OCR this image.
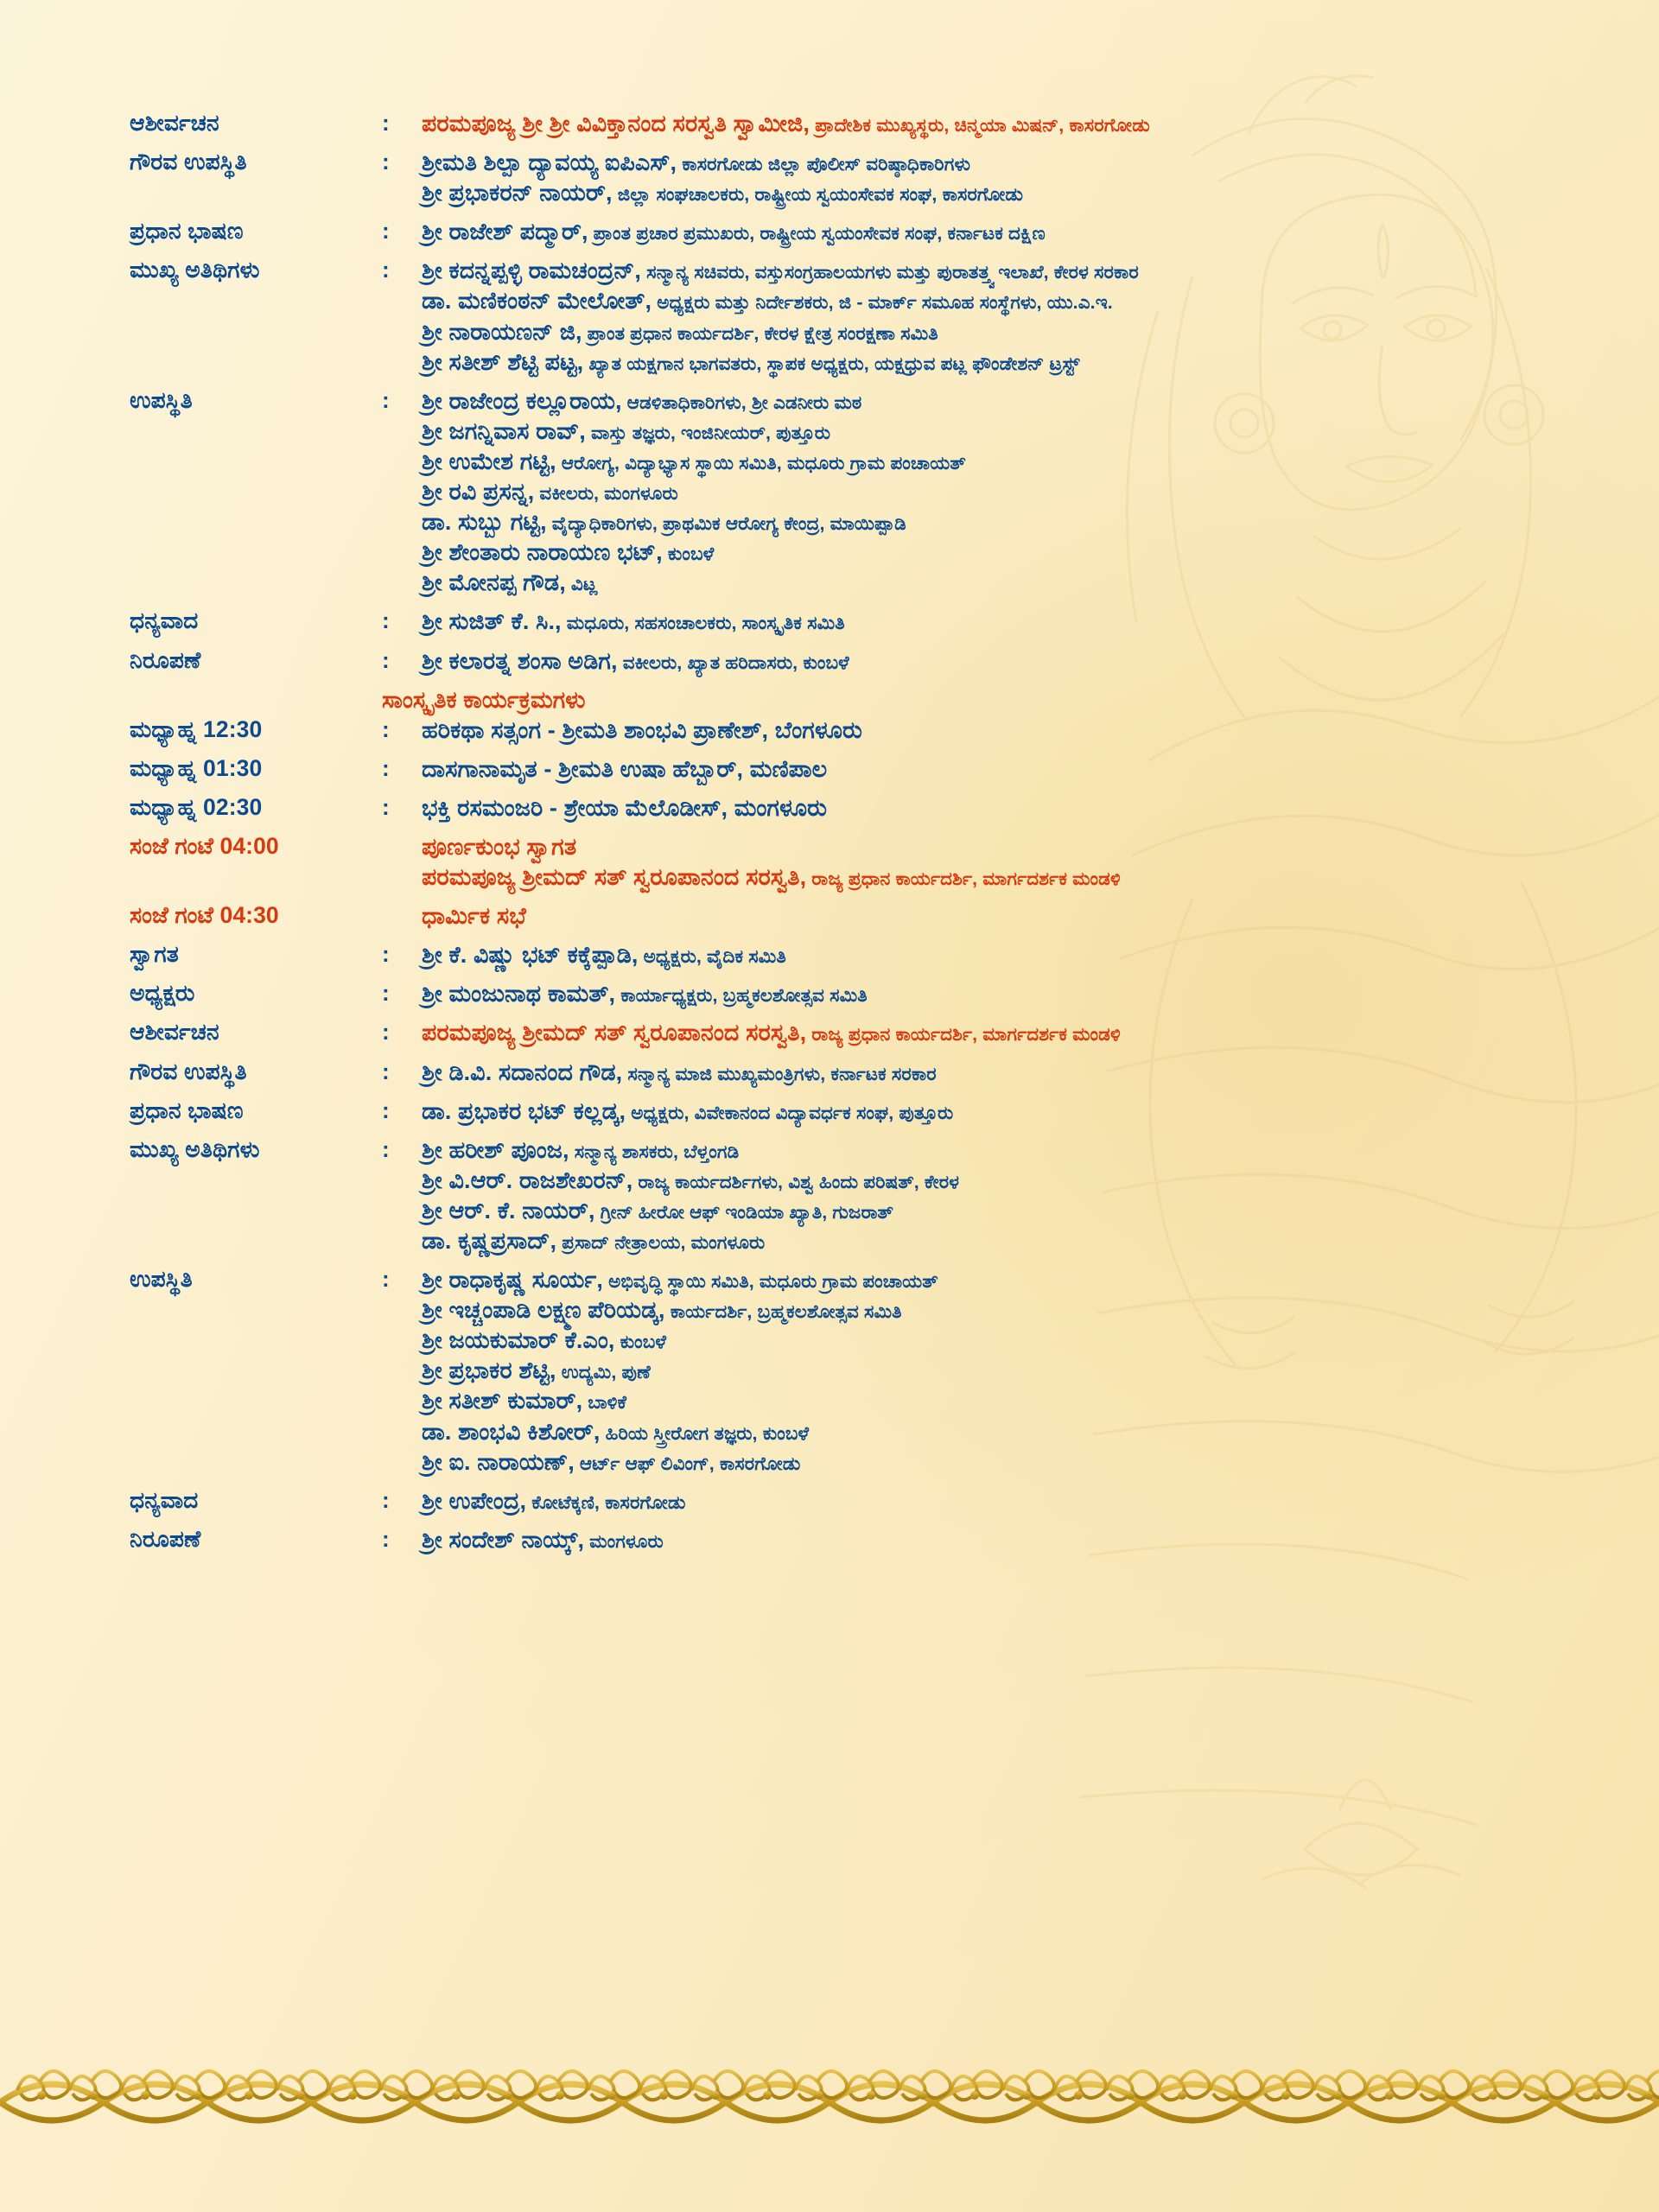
ಆಶೀರ್ವಚನ	:	ಪರಮಪೂಜ್ಯ ಶ್ರೀ ಶ್ರೀ ವಿವಿಕ್ತಾನಂದ ಸರಸ್ವತಿ ಸ್ವಾಮೀಜಿ, ಪ್ರಾದೇಶಿಕ ಮುಖ್ಯಸ್ಥರು, ಚಿನ್ಮಯಾ ಮಿಷನ್, ಕಾಸರಗೋಡು

ಗೌರವ ಉಪಸ್ಥಿತಿ	:	ಶ್ರೀಮತಿ ಶಿಲ್ಪಾ ದ್ಯಾವಯ್ಯ ಐಪಿಎಸ್, ಕಾಸರಗೋಡು ಜಿಲ್ಲಾ ಪೊಲೀಸ್ ವರಿಷ್ಠಾಧಿಕಾರಿಗಳು
ಶ್ರೀ ಪ್ರಭಾಕರನ್ ನಾಯರ್, ಜಿಲ್ಲಾ ಸಂಘಚಾಲಕರು, ರಾಷ್ಟ್ರೀಯ ಸ್ವಯಂಸೇವಕ ಸಂಘ, ಕಾಸರಗೋಡು

ಪ್ರಧಾನ ಭಾಷಣ	:	ಶ್ರೀ ರಾಜೇಶ್ ಪದ್ಮಾರ್, ಪ್ರಾಂತ ಪ್ರಚಾರ ಪ್ರಮುಖರು, ರಾಷ್ಟ್ರೀಯ ಸ್ವಯಂಸೇವಕ ಸಂಘ, ಕರ್ನಾಟಕ ದಕ್ಷಿಣ

ಮುಖ್ಯ ಅತಿಥಿಗಳು	:	ಶ್ರೀ ಕದನ್ನಪ್ಪಳ್ಳಿ ರಾಮಚಂದ್ರನ್, ಸನ್ಮಾನ್ಯ ಸಚಿವರು, ವಸ್ತುಸಂಗ್ರಹಾಲಯಗಳು ಮತ್ತು ಪುರಾತತ್ತ್ವ ಇಲಾಖೆ, ಕೇರಳ ಸರಕಾರ
ಡಾ. ಮಣಿಕಂಠನ್ ಮೇಲೋತ್, ಅಧ್ಯಕ್ಷರು ಮತ್ತು ನಿರ್ದೇಶಕರು, ಜಿ - ಮಾರ್ಕ್ ಸಮೂಹ ಸಂಸ್ಥೆಗಳು, ಯು.ಎ.ಇ.
ಶ್ರೀ ನಾರಾಯಣನ್ ಜಿ, ಪ್ರಾಂತ ಪ್ರಧಾನ ಕಾರ್ಯದರ್ಶಿ, ಕೇರಳ ಕ್ಷೇತ್ರ ಸಂರಕ್ಷಣಾ ಸಮಿತಿ
ಶ್ರೀ ಸತೀಶ್ ಶೆಟ್ಟಿ ಪಟ್ಟ, ಖ್ಯಾತ ಯಕ್ಷಗಾನ ಭಾಗವತರು, ಸ್ಥಾಪಕ ಅಧ್ಯಕ್ಷರು, ಯಕ್ಷಧ್ರುವ ಪಟ್ಲ ಫೌಂಡೇಶನ್ ಟ್ರಸ್ಟ್

ಉಪಸ್ಥಿತಿ	:	ಶ್ರೀ ರಾಜೇಂದ್ರ ಕಲ್ಲೂರಾಯ, ಆಡಳಿತಾಧಿಕಾರಿಗಳು, ಶ್ರೀ ಎಡನೀರು ಮಠ
ಶ್ರೀ ಜಗನ್ನಿವಾಸ ರಾವ್, ವಾಸ್ತು ತಜ್ಞರು, ಇಂಜಿನೀಯರ್, ಪುತ್ತೂರು
ಶ್ರೀ ಉಮೇಶ ಗಟ್ಟಿ, ಆರೋಗ್ಯ, ವಿದ್ಯಾಭ್ಯಾಸ ಸ್ಥಾಯಿ ಸಮಿತಿ, ಮಧೂರು ಗ್ರಾಮ ಪಂಚಾಯತ್
ಶ್ರೀ ರವಿ ಪ್ರಸನ್ನ, ವಕೀಲರು, ಮಂಗಳೂರು
ಡಾ. ಸುಬ್ಬು ಗಟ್ಟಿ, ವೈದ್ಯಾಧಿಕಾರಿಗಳು, ಪ್ರಾಥಮಿಕ ಆರೋಗ್ಯ ಕೇಂದ್ರ, ಮಾಯಿಪ್ಪಾಡಿ
ಶ್ರೀ ಶೇಂತಾರು ನಾರಾಯಣ ಭಟ್, ಕುಂಬಳೆ
ಶ್ರೀ ಮೋನಪ್ಪ ಗೌಡ, ವಿಟ್ಲ

ಧನ್ಯವಾದ	:	ಶ್ರೀ ಸುಜಿತ್ ಕೆ. ಸಿ., ಮಧೂರು, ಸಹಸಂಚಾಲಕರು, ಸಾಂಸ್ಕೃತಿಕ ಸಮಿತಿ

ನಿರೂಪಣೆ	:	ಶ್ರೀ ಕಲಾರತ್ನ ಶಂಸಾ ಅಡಿಗ, ವಕೀಲರು, ಖ್ಯಾತ ಹರಿದಾಸರು, ಕುಂಬಳೆ

	ಸಾಂಸ್ಕೃತಿಕ ಕಾರ್ಯಕ್ರಮಗಳು	

ಮಧ್ಯಾಹ್ನ 12:30	:	ಹರಿಕಥಾ ಸತ್ಸಂಗ - ಶ್ರೀಮತಿ ಶಾಂಭವಿ ಪ್ರಾಣೇಶ್, ಬೆಂಗಳೂರು

ಮಧ್ಯಾಹ್ನ 01:30	:	ದಾಸಗಾನಾಮೃತ - ಶ್ರೀಮತಿ ಉಷಾ ಹೆಬ್ಬಾರ್, ಮಣಿಪಾಲ

ಮಧ್ಯಾಹ್ನ 02:30	:	ಭಕ್ತಿ ರಸಮಂಜರಿ - ಶ್ರೇಯಾ ಮೆಲೊಡೀಸ್, ಮಂಗಳೂರು

ಸಂಜೆ ಗಂಟೆ 04:00		ಪೂರ್ಣಕುಂಭ ಸ್ವಾಗತ
ಪರಮಪೂಜ್ಯ ಶ್ರೀಮದ್ ಸತ್ ಸ್ವರೂಪಾನಂದ ಸರಸ್ವತಿ, ರಾಜ್ಯ ಪ್ರಧಾನ ಕಾರ್ಯದರ್ಶಿ, ಮಾರ್ಗದರ್ಶಕ ಮಂಡಳಿ

ಸಂಜೆ ಗಂಟೆ 04:30		ಧಾರ್ಮಿಕ ಸಭೆ

ಸ್ವಾಗತ	:	ಶ್ರೀ ಕೆ. ವಿಷ್ಣು ಭಟ್ ಕಕ್ಕೆಪ್ಪಾಡಿ, ಅಧ್ಯಕ್ಷರು, ವೈದಿಕ ಸಮಿತಿ

ಅಧ್ಯಕ್ಷರು	:	ಶ್ರೀ ಮಂಜುನಾಥ ಕಾಮತ್, ಕಾರ್ಯಾಧ್ಯಕ್ಷರು, ಬ್ರಹ್ಮಕಲಶೋತ್ಸವ ಸಮಿತಿ

ಆಶೀರ್ವಚನ	:	ಪರಮಪೂಜ್ಯ ಶ್ರೀಮದ್ ಸತ್ ಸ್ವರೂಪಾನಂದ ಸರಸ್ವತಿ, ರಾಜ್ಯ ಪ್ರಧಾನ ಕಾರ್ಯದರ್ಶಿ, ಮಾರ್ಗದರ್ಶಕ ಮಂಡಳಿ

ಗೌರವ ಉಪಸ್ಥಿತಿ	:	ಶ್ರೀ ಡಿ.ವಿ. ಸದಾನಂದ ಗೌಡ, ಸನ್ಮಾನ್ಯ ಮಾಜಿ ಮುಖ್ಯಮಂತ್ರಿಗಳು, ಕರ್ನಾಟಕ ಸರಕಾರ

ಪ್ರಧಾನ ಭಾಷಣ	:	ಡಾ. ಪ್ರಭಾಕರ ಭಟ್ ಕಲ್ಲಡ್ಕ, ಅಧ್ಯಕ್ಷರು, ವಿವೇಕಾನಂದ ವಿದ್ಯಾವರ್ಧಕ ಸಂಘ, ಪುತ್ತೂರು

ಮುಖ್ಯ ಅತಿಥಿಗಳು	:	ಶ್ರೀ ಹರೀಶ್ ಪೂಂಜ, ಸನ್ಮಾನ್ಯ ಶಾಸಕರು, ಬೆಳ್ತಂಗಡಿ
ಶ್ರೀ ವಿ.ಆರ್. ರಾಜಶೇಖರನ್, ರಾಜ್ಯ ಕಾರ್ಯದರ್ಶಿಗಳು, ವಿಶ್ವ ಹಿಂದು ಪರಿಷತ್, ಕೇರಳ
ಶ್ರೀ ಆರ್. ಕೆ. ನಾಯರ್, ಗ್ರೀನ್ ಹೀರೋ ಆಫ್ ಇಂಡಿಯಾ ಖ್ಯಾತಿ, ಗುಜರಾತ್
ಡಾ. ಕೃಷ್ಣಪ್ರಸಾದ್, ಪ್ರಸಾದ್ ನೇತ್ರಾಲಯ, ಮಂಗಳೂರು

ಉಪಸ್ಥಿತಿ	:	ಶ್ರೀ ರಾಧಾಕೃಷ್ಣ ಸೂರ್ಯ, ಅಭಿವೃದ್ಧಿ ಸ್ಥಾಯಿ ಸಮಿತಿ, ಮಧೂರು ಗ್ರಾಮ ಪಂಚಾಯತ್
ಶ್ರೀ ಇಚ್ಚಂಪಾಡಿ ಲಕ್ಷ್ಮಣ ಪೆರಿಯಡ್ಕ, ಕಾರ್ಯದರ್ಶಿ, ಬ್ರಹ್ಮಕಲಶೋತ್ಸವ ಸಮಿತಿ
ಶ್ರೀ ಜಯಕುಮಾರ್ ಕೆ.ಎಂ, ಕುಂಬಳೆ
ಶ್ರೀ ಪ್ರಭಾಕರ ಶೆಟ್ಟಿ, ಉದ್ಯಮಿ, ಪುಣೆ
ಶ್ರೀ ಸತೀಶ್ ಕುಮಾರ್, ಬಾಳಿಕೆ
ಡಾ. ಶಾಂಭವಿ ಕಿಶೋರ್, ಹಿರಿಯ ಸ್ತ್ರೀರೋಗ ತಜ್ಞರು, ಕುಂಬಳೆ
ಶ್ರೀ ಐ. ನಾರಾಯಣ್, ಆರ್ಟ್ ಆಫ್ ಲಿವಿಂಗ್, ಕಾಸರಗೋಡು

ಧನ್ಯವಾದ	:	ಶ್ರೀ ಉಪೇಂದ್ರ, ಕೋಟೆಕ್ಕಣಿ, ಕಾಸರಗೋಡು

ನಿರೂಪಣೆ	:	ಶ್ರೀ ಸಂದೇಶ್ ನಾಯ್ಕ್, ಮಂಗಳೂರು
